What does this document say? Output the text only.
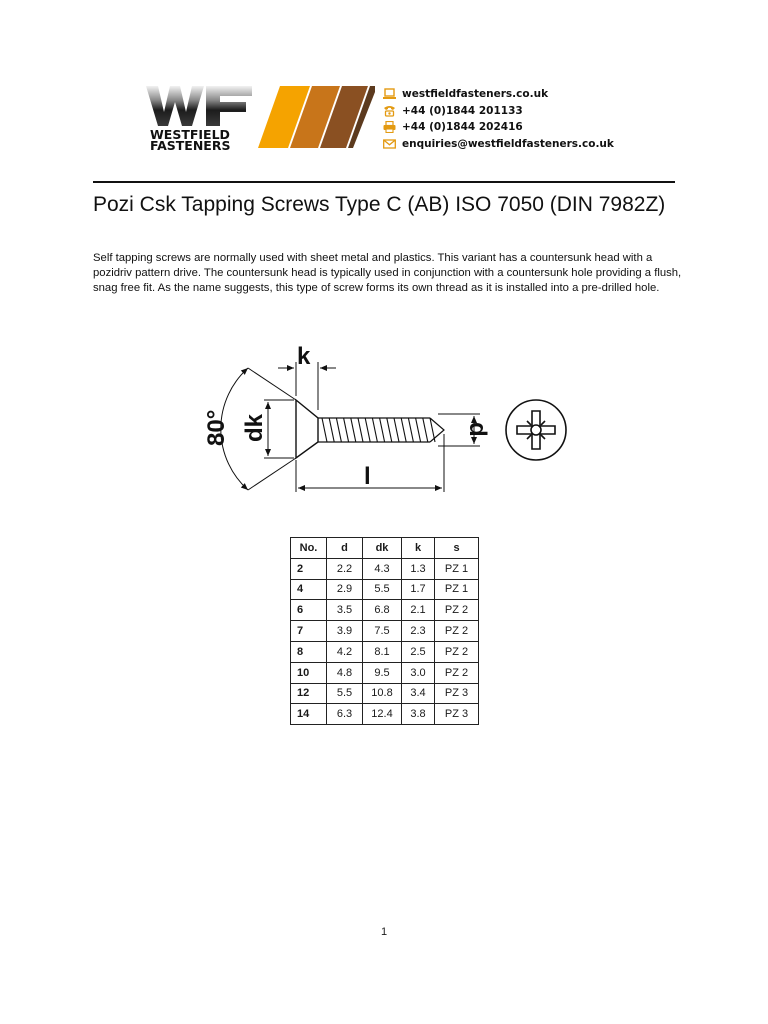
WESTFIELD
FASTENERS
westfieldfasteners.co.uk
+44 (0)1844 201133
+44 (0)1844 202416
enquiries@westfieldfasteners.co.uk
Pozi Csk Tapping Screws Type C (AB) ISO 7050 (DIN 7982Z)

Self tapping screws are normally used with sheet metal and plastics. This variant has a countersunk head with a pozidriv pattern drive. The countersunk head is typically used in conjunction with a countersunk hole providing a flush, snag free fit. As the name suggests, this type of screw forms its own thread as it is installed into a pre-drilled hole.

80° dk
k
d
l
No.	d	dk	k	s
2	2.2	4.3	1.3	PZ 1
4	2.9	5.5	1.7	PZ 1
6	3.5	6.8	2.1	PZ 2
7	3.9	7.5	2.3	PZ 2
8	4.2	8.1	2.5	PZ 2
10	4.8	9.5	3.0	PZ 2
12	5.5	10.8	3.4	PZ 3
14	6.3	12.4	3.8	PZ 3
1
